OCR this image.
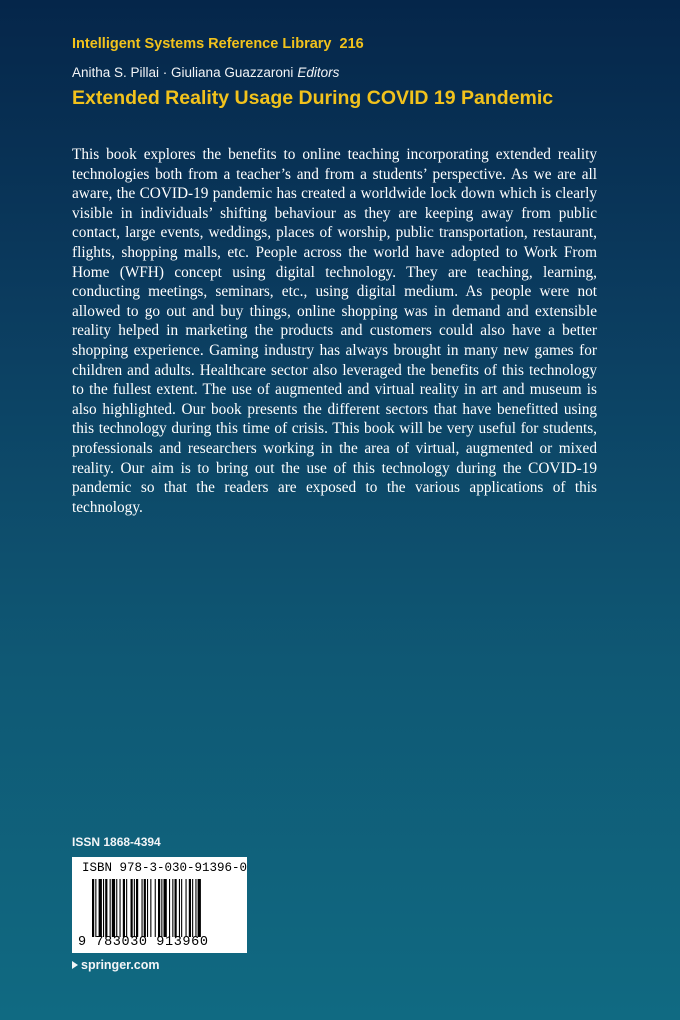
Intelligent Systems Reference Library 216
Anitha S. Pillai · Giuliana Guazzaroni Editors
Extended Reality Usage During COVID 19 Pandemic

This book explores the benefits to online teaching incorporating extended reality technologies both from a teacher’s and from a students’ perspective. As we are all aware, the COVID-19 pandemic has created a worldwide lock down which is clearly visible in individuals’ shifting behaviour as they are keeping away from public contact, large events, weddings, places of worship, public transportation, restaurant, flights, shopping malls, etc. People across the world have adopted to Work From Home (WFH) concept using digital technology. They are teaching, learning, conducting meetings, seminars, etc., using digital medium. As people were not allowed to go out and buy things, online shopping was in demand and extensible reality helped in marketing the products and customers could also have a better shopping experience. Gaming industry has always brought in many new games for children and adults. Healthcare sector also leveraged the benefits of this technology to the fullest extent. The use of augmented and virtual reality in art and museum is also highlighted. Our book presents the different sectors that have benefitted using this technology during this time of crisis. This book will be very useful for students, professionals and researchers working in the area of virtual, augmented or mixed reality. Our aim is to bring out the use of this technology during the COVID-19 pandemic so that the readers are exposed to the various applications of this technology.

ISSN 1868-4394
ISBN 978-3-030-91396-0
9 783030 913960
springer.com
